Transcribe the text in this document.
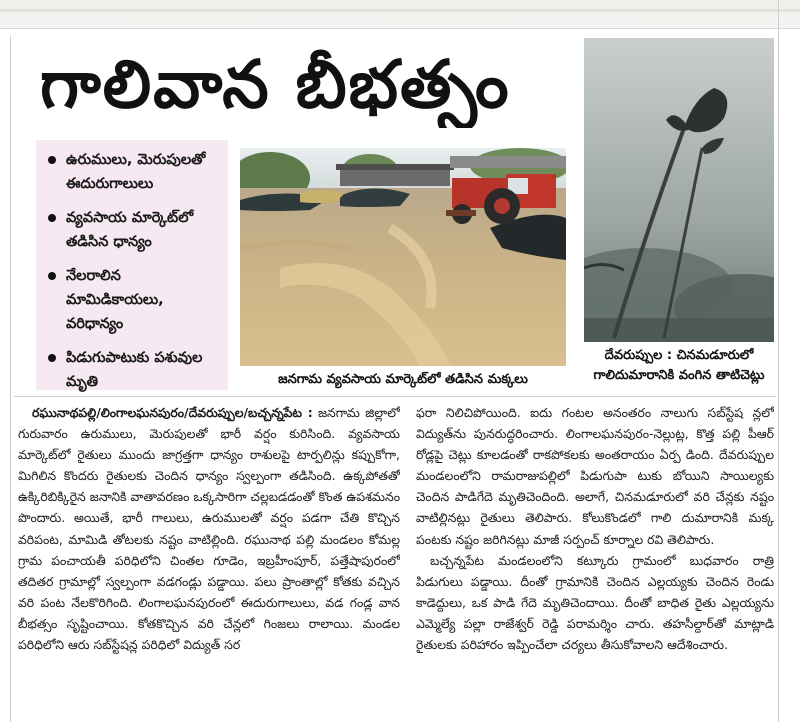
గాలివాన బీభత్సం
ఉరుములు, మెరుపులతో ఈదురుగాలులు
వ్యవసాయ మార్కెట్‌లో తడిసిన ధాన్యం
నేలరాలిన మామిడికాయలు, వరిధాన్యం
పిడుగుపాటుకు పశువుల మృతి	జనగామ వ్యవసాయ మార్కెట్‌లో తడిసిన మక్కలు
దేవరుప్పుల : చినమడూరులో
గాలిదుమారానికి వంగిన తాటిచెట్లు

రఘునాథపల్లి/లింగాలఘనపురం/దేవరుప్పుల/బచ్చన్నపేట : జనగామ జిల్లాలో గురువారం ఉరుములు, మెరుపులతో భారీ వర్షం కురిసింది. వ్యవసాయ మార్కెట్‌లో రైతులు ముందు జాగ్రత్తగా ధాన్యం రాశులపై టార్పలిన్లు కప్పుకోగా, మిగిలిన కొందరు రైతులకు చెందిన ధాన్యం స్వల్పంగా తడిసింది. ఉక్కపోతతో ఉక్కిరిబిక్కిరైన జనానికి వాతావరణం ఒక్కసారిగా చల్లబడడంతో కొంత ఉపశమనం పొందారు. అయితే, భారీ గాలులు, ఉరుములతో వర్షం పడగా చేతి కొచ్చిన వరిపంట, మామిడి తోటలకు నష్టం వాటిల్లింది. రఘునాథ పల్లి మండలం కోమల్ల గ్రామ పంచాయతీ పరిధిలోని చింతల గూడెం, ఇబ్రహీంపూర్, పత్తేషాపురంలో తదితర గ్రామాల్లో స్వల్పంగా వడగండ్లు పడ్డాయి. పలు ప్రాంతాల్లో కోతకు వచ్చిన వరి పంట నేలకొరిగింది. లింగాలఘనపురంలో ఈదురుగాలులు, వడ గండ్ల వాన బీభత్సం సృష్టించాయి. కోతకొచ్చిన వరి చేన్లలో గింజలు రాలాయి. మండల పరిధిలోని ఆరు సబ్‌స్టేషన్ల పరిధిలో విద్యుత్ సర

ఫరా నిలిచిపోయింది. ఐదు గంటల అనంతరం నాలుగు సబ్‌స్టేష న్లలో విద్యుత్‌ను పునరుద్ధరించారు. లింగాలఘనపురం-నెల్లుట్ల, కొత్త పల్లి పీఆర్ రోడ్లపై చెట్లు కూలడంతో రాకపోకలకు అంతరాయం ఏర్ప డింది. దేవరుప్పుల మండలంలోని రామరాజుపల్లిలో పిడుగుపా టుకు బోయిని సాయిల్యకు చెందిన పాడిగేదె మృతిచెందింది. అలాగే, చినమడూరులో వరి చేన్లకు నష్టం వాటిల్లినట్లు రైతులు తెలిపారు. కోలుకొండలో గాలి దుమారానికి మక్క పంటకు నష్టం జరిగినట్లు మాజీ సర్పంచ్ కూర్నాల రవి తెలిపారు.

బచ్చన్నపేట మండలంలోని కట్కూరు గ్రామంలో బుధవారం రాత్రి పిడుగులు పడ్డాయి. దీంతో గ్రామానికి చెందిన ఎల్లయ్యకు చెందిన రెండు కాడెద్దులు, ఒక పాడి గేదె మృతిచెందాయి. దీంతో బాధిత రైతు ఎల్లయ్యను ఎమ్మెల్యే పల్లా రాజేశ్వర్ రెడ్డి పరామర్శిం చారు. తహసీల్దార్‌తో మాట్లాడి రైతులకు పరిహారం ఇప్పించేలా చర్యలు తీసుకోవాలని ఆదేశించారు.
